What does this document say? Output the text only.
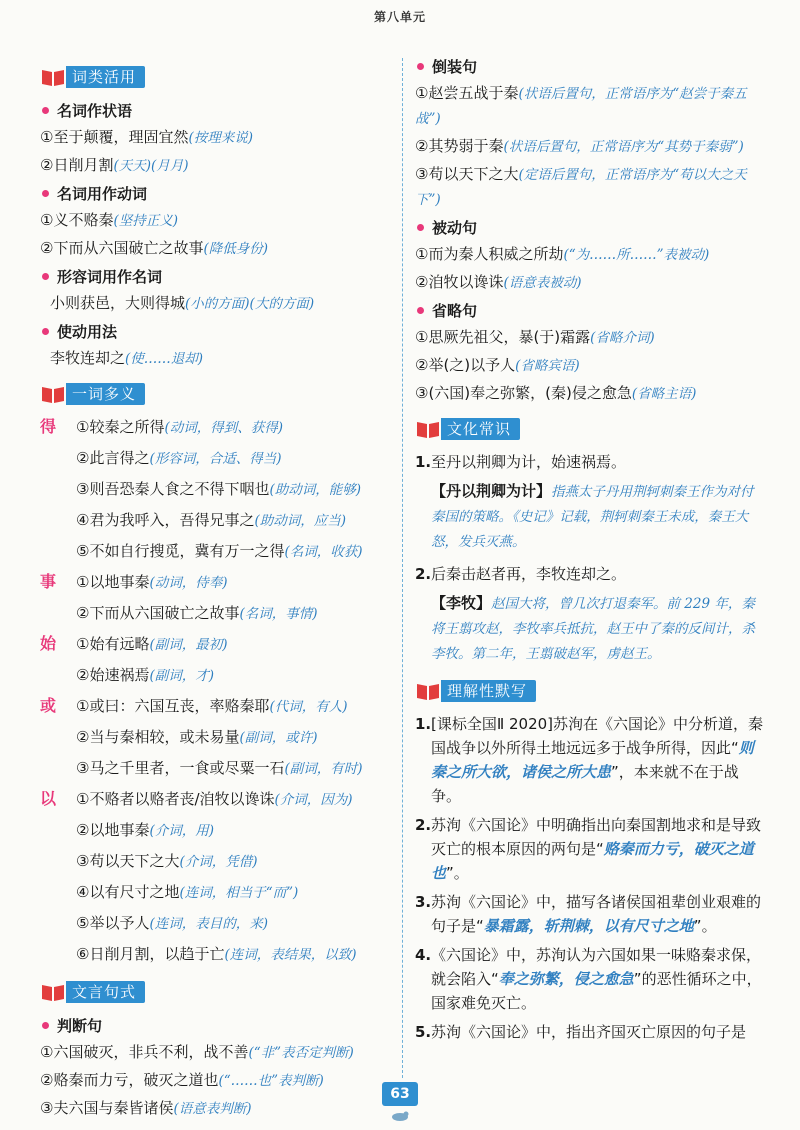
第八单元
词类活用
名词作状语
①至于颠覆，理固宜然(按理来说)
②日削月割(天天)(月月)
名词用作动词
①义不赂秦(坚持正义)
②下而从六国破亡之故事(降低身份)
形容词用作名词
小则获邑，大则得城(小的方面)(大的方面)
使动用法
李牧连却之(使……退却)
一词多义
得	①较秦之所得(动词，得到、获得)
②此言得之(形容词，合适、得当)
③则吾恐秦人食之不得下咽也(助动词，能够)
④君为我呼入，吾得兄事之(助动词，应当)
⑤不如自行搜觅，冀有万一之得(名词，收获)
事	①以地事秦(动词，侍奉)
②下而从六国破亡之故事(名词，事情)
始	①始有远略(副词，最初)
②始速祸焉(副词，才)
或	①或曰：六国互丧，率赂秦耶(代词，有人)
②当与秦相较，或未易量(副词，或许)
③马之千里者，一食或尽粟一石(副词，有时)
以	①不赂者以赂者丧/洎牧以谗诛(介词，因为)
②以地事秦(介词，用)
③苟以天下之大(介词，凭借)
④以有尺寸之地(连词，相当于“而”)
⑤举以予人(连词，表目的，来)
⑥日削月割，以趋于亡(连词，表结果，以致)
文言句式
判断句
①六国破灭，非兵不利，战不善(“非”表否定判断)
②赂秦而力亏，破灭之道也(“……也”表判断)
③夫六国与秦皆诸侯(语意表判断)
倒装句
①赵尝五战于秦(状语后置句，正常语序为“赵尝于秦五战”)
②其势弱于秦(状语后置句，正常语序为“其势于秦弱”)
③苟以天下之大(定语后置句，正常语序为“苟以大之天下”)
被动句
①而为秦人积威之所劫(“为……所……”表被动)
②洎牧以谗诛(语意表被动)
省略句
①思厥先祖父，暴(于)霜露(省略介词)
②举(之)以予人(省略宾语)
③(六国)奉之弥繁，(秦)侵之愈急(省略主语)
文化常识
1. 至丹以荆卿为计，始速祸焉。
【丹以荆卿为计】指燕太子丹用荆轲刺秦王作为对付秦国的策略。《史记》记载，荆轲刺秦王未成，秦王大怒，发兵灭燕。
2. 后秦击赵者再，李牧连却之。
【李牧】赵国大将，曾几次打退秦军。前 229 年，秦将王翦攻赵，李牧率兵抵抗，赵王中了秦的反间计，杀李牧。第二年，王翦破赵军，虏赵王。
理解性默写
1. [课标全国Ⅱ 2020]苏洵在《六国论》中分析道，秦国战争以外所得土地远远多于战争所得，因此“则秦之所大欲，诸侯之所大患”，本来就不在于战争。
2. 苏洵《六国论》中明确指出向秦国割地求和是导致灭亡的根本原因的两句是“赂秦而力亏，破灭之道也”。
3. 苏洵《六国论》中，描写各诸侯国祖辈创业艰难的句子是“暴霜露，斩荆棘，以有尺寸之地”。
4. 《六国论》中，苏洵认为六国如果一味赂秦求保，就会陷入“奉之弥繁，侵之愈急”的恶性循环之中，国家难免灭亡。
5. 苏洵《六国论》中，指出齐国灭亡原因的句子是
63
